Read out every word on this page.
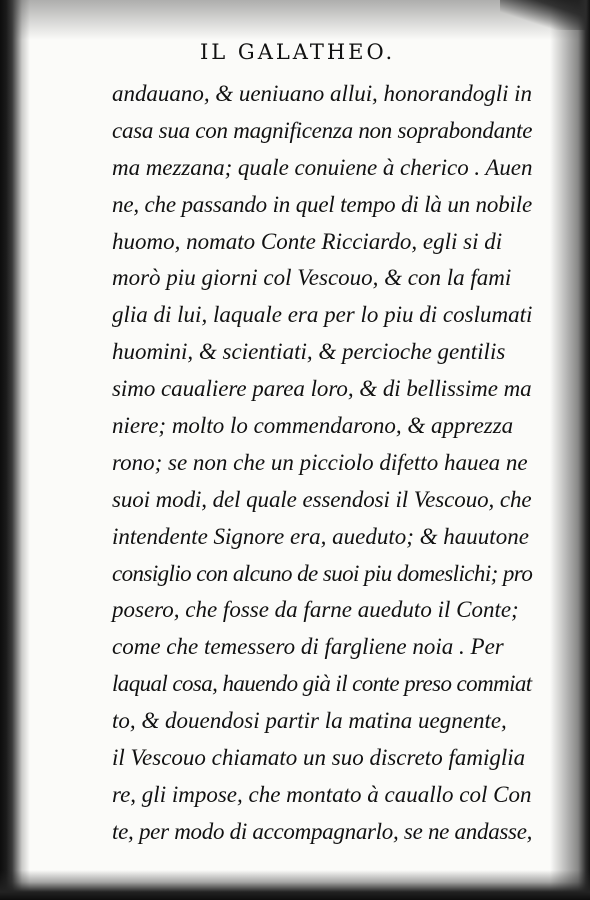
IL GALATHEO.
andauano, & ueniuano allui, honorandogli in
casa sua con magnificenza non soprabondante
ma mezzana; quale conuiene à cherico . Auen
ne, che passando in quel tempo di là un nobile
huomo, nomato Conte Ricciardo, egli si di
morò piu giorni col Vescouo, & con la fami
glia di lui, laquale era per lo piu di coslumati
huomini, & scientiati, & percioche gentilis
simo caualiere parea loro, & di bellissime ma
niere; molto lo commendarono, & apprezza
rono; se non che un picciolo difetto hauea ne
suoi modi, del quale essendosi il Vescouo, che
intendente Signore era, aueduto; & hauutone
consiglio con alcuno de suoi piu domeslichi; pro
posero, che fosse da farne aueduto il Conte;
come che temessero di fargliene noia . Per
laqual cosa, hauendo già il conte preso commiat
to, & douendosi partir la matina uegnente,
il Vescouo chiamato un suo discreto famiglia
re, gli impose, che montato à cauallo col Con
te, per modo di accompagnarlo, se ne andasse,
